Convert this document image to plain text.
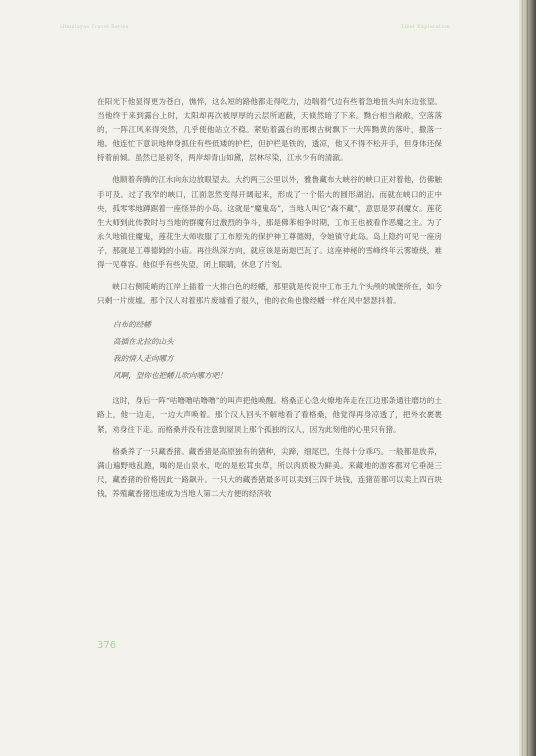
Himalayas Travel Series	Tibet Exploration

在阳光下他显得更为苍白，憔悴，这么短的路他都走得吃力，边喘着气边有些着急地扭头向东边张望。当他终于来到露台上时，太阳却再次被厚厚的云层所遮蔽，天倏然暗了下来。黝台相当敞敞，空落落的，一阵江风来得突然，几乎使他站立不稳。紧贴着露台的那棵古树飘下一大阵黝黄的落叶，撒落一地。他连忙下意识地伸身抓住有些低矮的护栏，但护栏是铁的，透凉，他又不得不松开手，但身体还保持着前倾。虽然已是初冬，两岸却青山如黛，层林尽染，江水少有的清澈。

他顺着奔腾的江水向东边放眼望去。大约两三公里以外，雅鲁藏布大峡谷的峡口正对着他，仿佛触手可及。过了我窄的峡口，江面忽然变得开阔起来，形成了一个偌大的圆形湖泊。而就在峡口的正中央，孤零零地蹲踞着一座怪异的小岛。这就是“魔鬼岛”，当地人叫它“森不藏”，意思是罗刹魔女。莲花生大师到此传教时与当地的群魔有过激烈的争斗，那是佛苯相争时期，工布王也被看作恶魔之主。为了永久地镇住魔鬼，莲花生大师收服了工布原先的保护神工尊德姆，令她镇守此岛。岛上隐约可见一座房子，那就是工尊德姆的小庙。再往纵深方向，就应该是南迦巴瓦了。这座神秘的雪峰终年云雾缭绕，难得一见尊容。他似乎有些失望，闭上眼睛，休息了片刻。

峡口右侧陡峭的江岸上插着一大排白色的经幡，那里就是传说中工布王九个头颅的城堡所在，如今只剩一片废墟。那个汉人对着那片废墟看了很久，他的衣角也像经幡一样在风中瑟瑟抖着。

白布的经幡
高插在北拉的山头
我的情人走向哪方
风啊，望你也把幡儿吹向哪方吧！

这时，身后一阵“咕噜噜咕噜噜”的叫声把他唤醒。格桑正心急火燎地奔走在江边那条通往磨坊的土路上，他一边走，一边大声唤着。那个汉人回头不解地看了看格桑，他觉得再身凉透了，把外衣裹裹紧，劝身往下走。而格桑并没有注意到屋顶上那个孤独的汉人，因为此刻他的心里只有猪。

格桑养了一只藏香猪。藏香猪是高原独有的猪种，尖蹄，细尾巴，生得十分乖巧。一般都是放养，满山遍野地乱跑，喝的是山泉水，吃的是松茸虫草，所以肉质极为鲜美。来藏地的游客都对它垂涎三尺，藏香猪的价格因此一路飙升。一只大的藏香猪最多可以卖到三四千块钱，连猪苗都可以卖上四百块钱，养殖藏香猪迅速成为当地人第二大方便的经济收

376
